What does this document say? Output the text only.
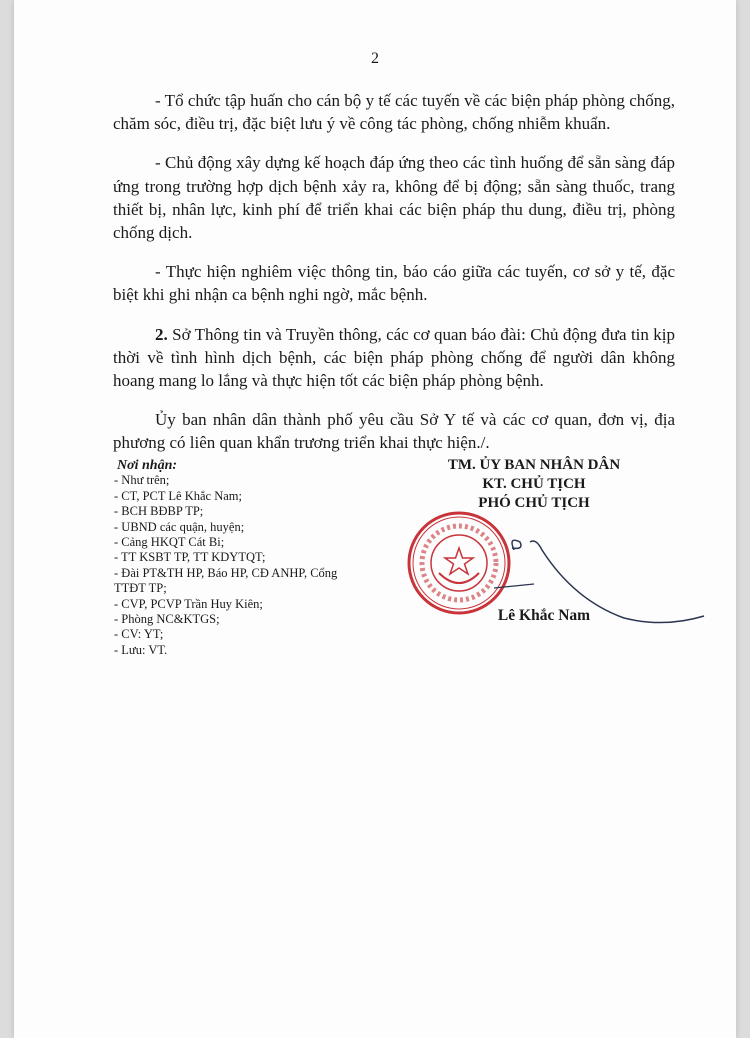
2

- Tổ chức tập huấn cho cán bộ y tế các tuyến về các biện pháp phòng chống, chăm sóc, điều trị, đặc biệt lưu ý về công tác phòng, chống nhiễm khuẩn.

- Chủ động xây dựng kế hoạch đáp ứng theo các tình huống để sẵn sàng đáp ứng trong trường hợp dịch bệnh xảy ra, không để bị động; sẵn sàng thuốc, trang thiết bị, nhân lực, kinh phí để triển khai các biện pháp thu dung, điều trị, phòng chống dịch.

- Thực hiện nghiêm việc thông tin, báo cáo giữa các tuyến, cơ sở y tế, đặc biệt khi ghi nhận ca bệnh nghi ngờ, mắc bệnh.

2. Sở Thông tin và Truyền thông, các cơ quan báo đài: Chủ động đưa tin kịp thời về tình hình dịch bệnh, các biện pháp phòng chống để người dân không hoang mang lo lắng và thực hiện tốt các biện pháp phòng bệnh.

Ủy ban nhân dân thành phố yêu cầu Sở Y tế và các cơ quan, đơn vị, địa phương có liên quan khẩn trương triển khai thực hiện./.

Nơi nhận:
- Như trên;
- CT, PCT Lê Khắc Nam;
- BCH BĐBP TP;
- UBND các quận, huyện;
- Cảng HKQT Cát Bi;
- TT KSBT TP, TT KDYTQT;
- Đài PT&TH HP, Báo HP, CĐ ANHP, Cổng TTĐT TP;
- CVP, PCVP Trần Huy Kiên;
- Phòng NC&KTGS;
- CV: YT;
- Lưu: VT.
TM. ỦY BAN NHÂN DÂN
KT. CHỦ TỊCH
PHÓ CHỦ TỊCH
Lê Khắc Nam
